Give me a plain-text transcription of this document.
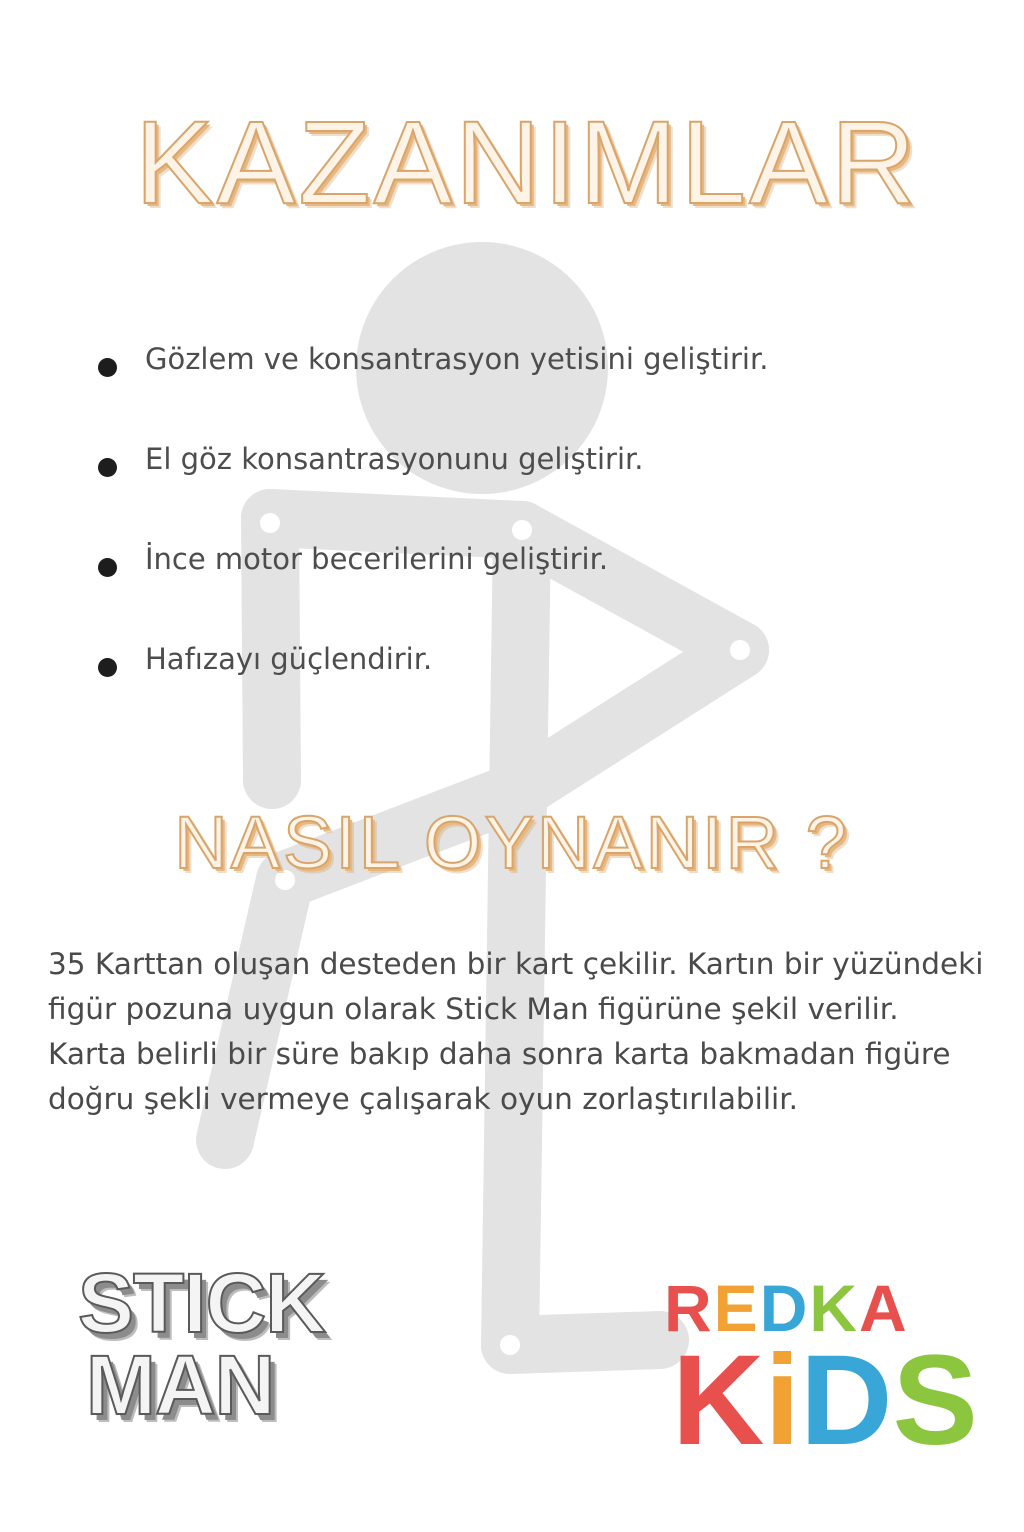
KAZANIMLAR
Gözlem ve konsantrasyon yetisini geliştirir.
El göz konsantrasyonunu geliştirir.
İnce motor becerilerini geliştirir.
Hafızayı güçlendirir.
NASIL OYNANIR ?

35 Karttan oluşan desteden bir kart çekilir. Kartın bir yüzündeki
figür pozuna uygun olarak Stick Man figürüne şekil verilir.
Karta belirli bir süre bakıp daha sonra karta bakmadan figüre
doğru şekli vermeye çalışarak oyun zorlaştırılabilir.

STICK
MAN
REDKA
KiDS
